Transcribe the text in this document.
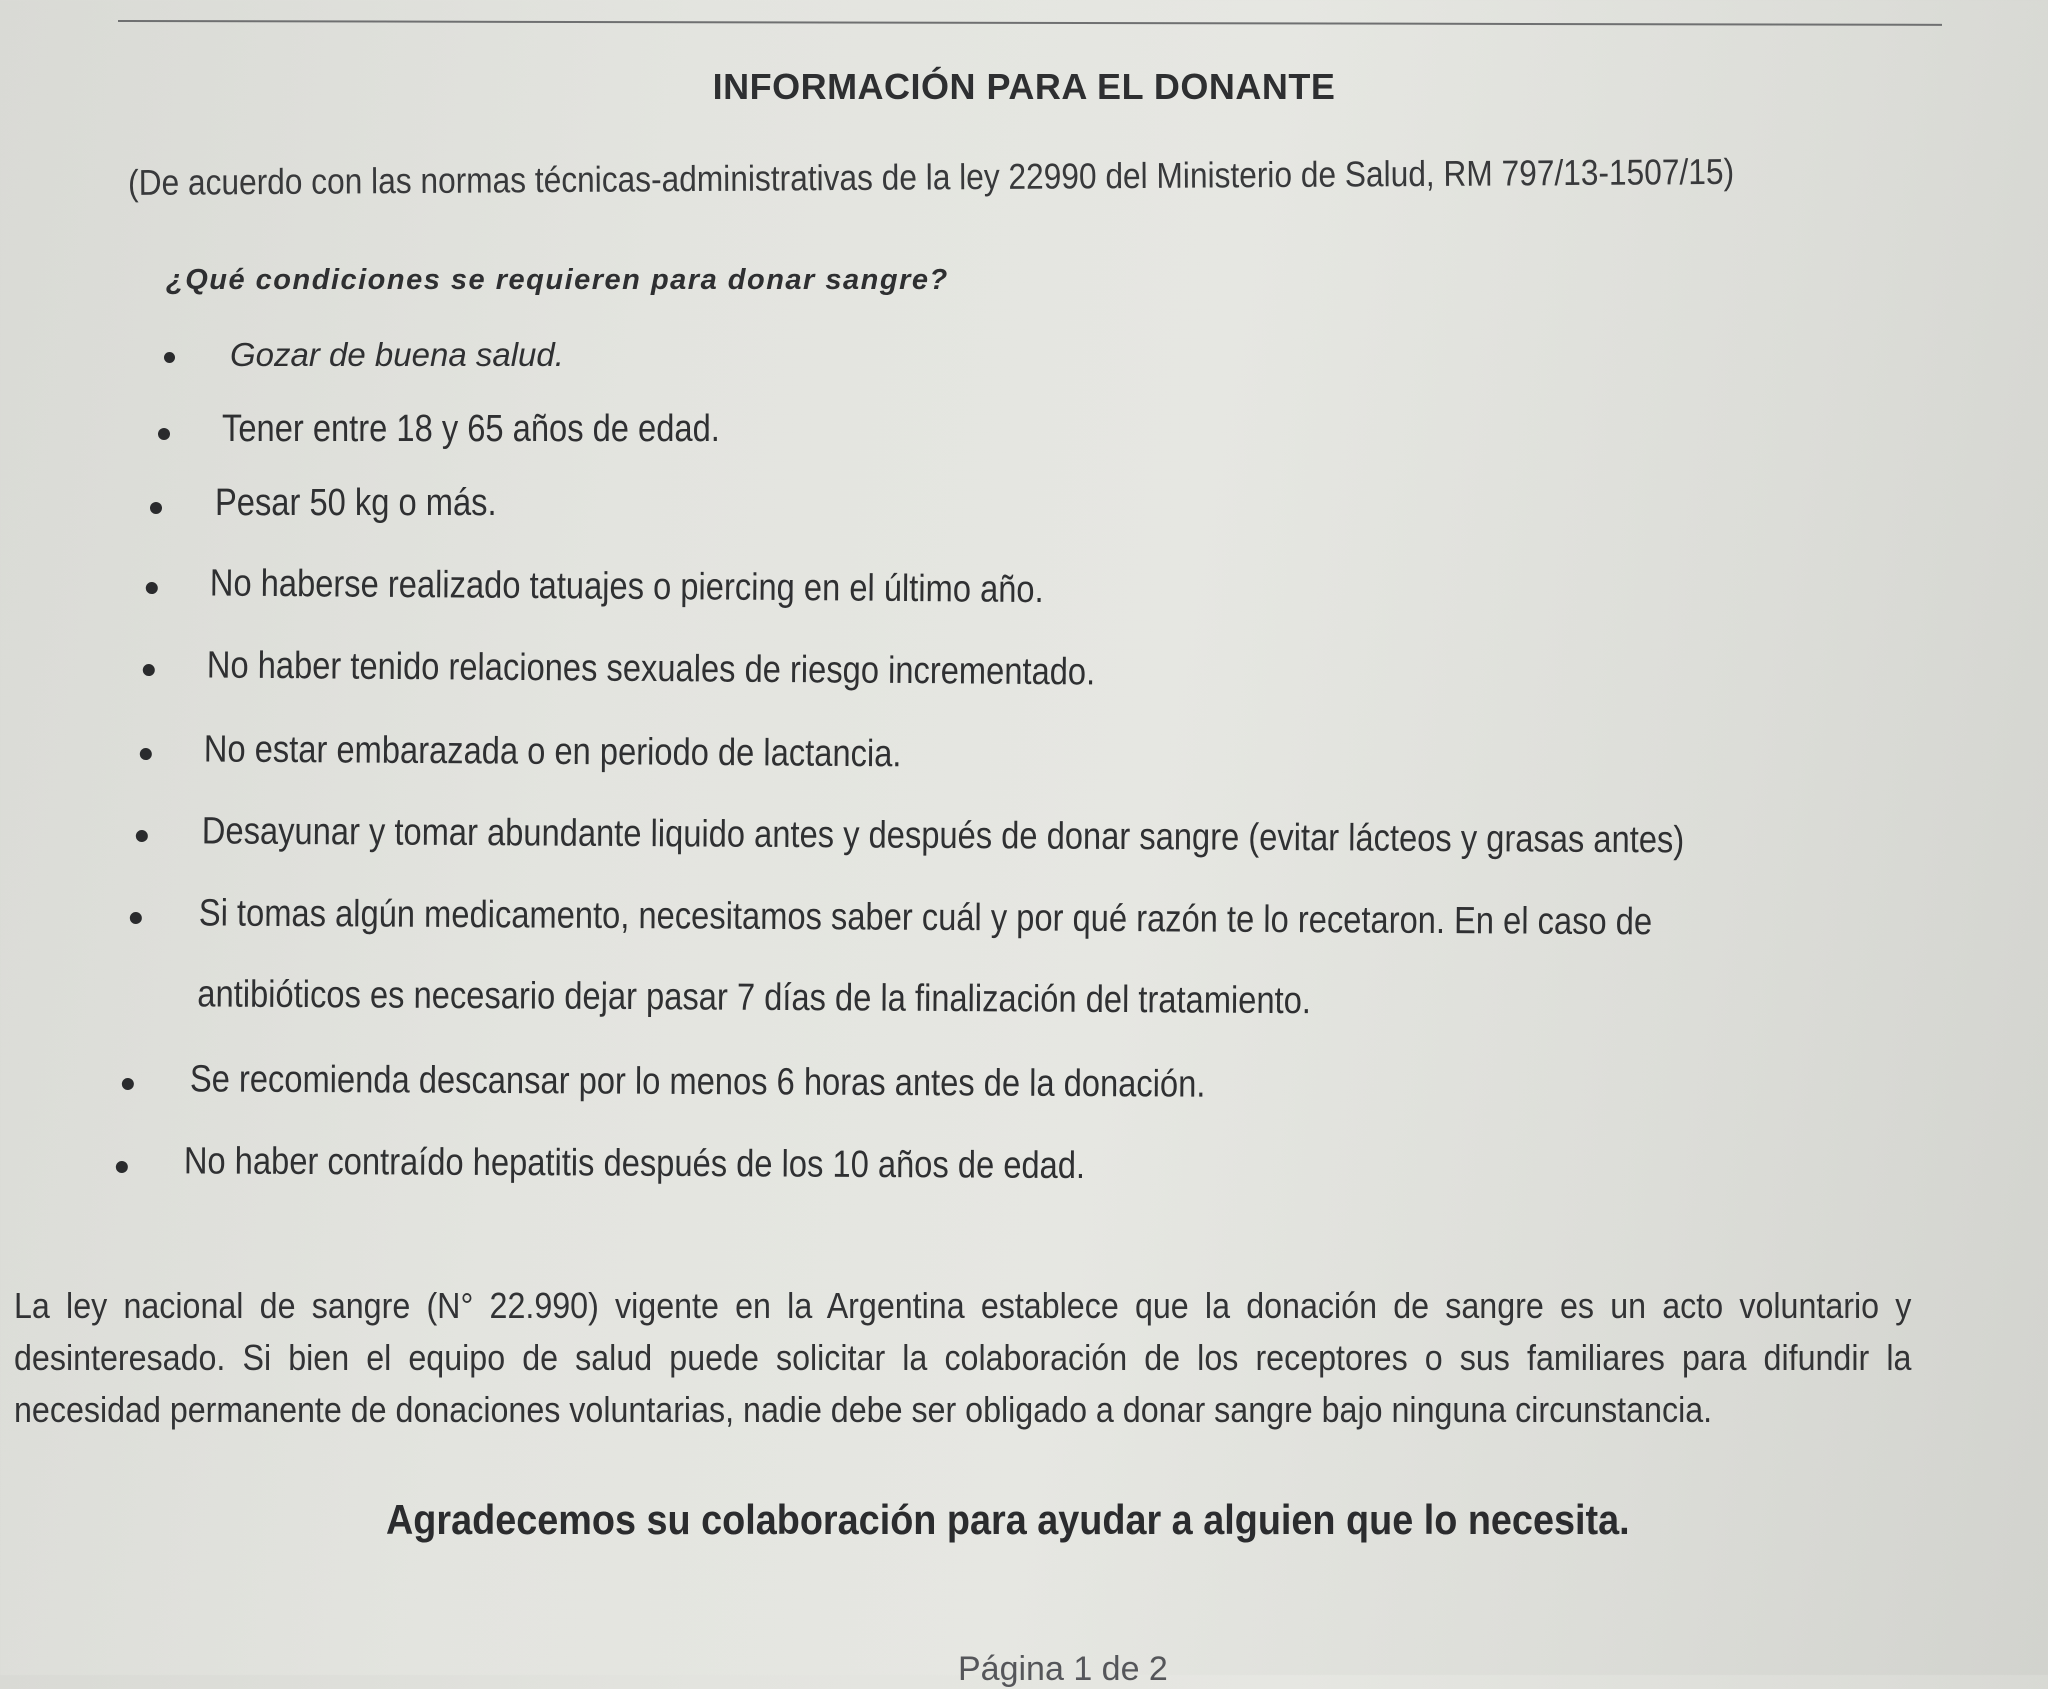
INFORMACIÓN PARA EL DONANTE
(De acuerdo con las normas técnicas-administrativas de la ley 22990 del Ministerio de Salud, RM 797/13-1507/15)
¿Qué condiciones se requieren para donar sangre?
Gozar de buena salud.
Tener entre 18 y 65 años de edad.
Pesar 50 kg o más.
No haberse realizado tatuajes o piercing en el último año.
No haber tenido relaciones sexuales de riesgo incrementado.
No estar embarazada o en periodo de lactancia.
Desayunar y tomar abundante liquido antes y después de donar sangre (evitar lácteos y grasas antes)
Si tomas algún medicamento, necesitamos saber cuál y por qué razón te lo recetaron. En el caso de
antibióticos es necesario dejar pasar 7 días de la finalización del tratamiento.
Se recomienda descansar por lo menos 6 horas antes de la donación.
No haber contraído hepatitis después de los 10 años de edad.

La ley nacional de sangre (N° 22.990) vigente en la Argentina establece que la donación de sangre es un acto voluntario y desinteresado. Si bien el equipo de salud puede solicitar la colaboración de los receptores o sus familiares para difundir la necesidad permanente de donaciones voluntarias, nadie debe ser obligado a donar sangre bajo ninguna circunstancia.

Agradecemos su colaboración para ayudar a alguien que lo necesita.
Página 1 de 2
